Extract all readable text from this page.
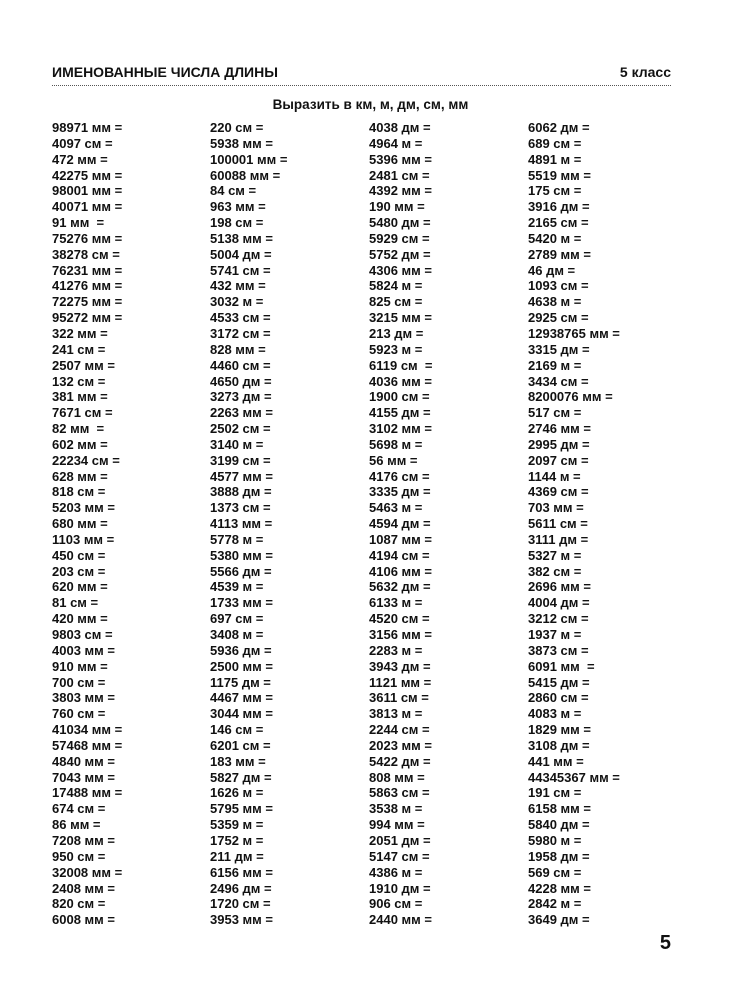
ИМЕНОВАННЫЕ ЧИСЛА ДЛИНЫ	5 класс
Выразить в км, м, дм, см, мм
98971 мм =
4097 см =
472 мм =
42275 мм =
98001 мм =
40071 мм =
91 мм  =
75276 мм =
38278 см =
76231 мм =
41276 мм =
72275 мм =
95272 мм =
322 мм =
241 см =
2507 мм =
132 см =
381 мм =
7671 см =
82 мм  =
602 мм =
22234 см =
628 мм =
818 см =
5203 мм =
680 мм =
1103 мм =
450 см =
203 см =
620 мм =
81 см =
420 мм =
9803 см =
4003 мм =
910 мм =
700 см =
3803 мм =
760 см =
41034 мм =
57468 мм =
4840 мм =
7043 мм =
17488 мм =
674 см =
86 мм =
7208 мм =
950 см =
32008 мм =
2408 мм =
820 см =
6008 мм =
220 см =
5938 мм =
100001 мм =
60088 мм =
84 см =
963 мм =
198 см =
5138 мм =
5004 дм =
5741 см =
432 мм =
3032 м =
4533 см =
3172 см =
828 мм =
4460 см =
4650 дм =
3273 дм =
2263 мм =
2502 см =
3140 м =
3199 см =
4577 мм =
3888 дм =
1373 см =
4113 мм =
5778 м =
5380 мм =
5566 дм =
4539 м =
1733 мм =
697 см =
3408 м =
5936 дм =
2500 мм =
1175 дм =
4467 мм =
3044 мм =
146 см =
6201 см =
183 мм =
5827 дм =
1626 м =
5795 мм =
5359 м =
1752 м =
211 дм =
6156 мм =
2496 дм =
1720 см =
3953 мм =
4038 дм =
4964 м =
5396 мм =
2481 см =
4392 мм =
190 мм =
5480 дм =
5929 см =
5752 дм =
4306 мм =
5824 м =
825 см =
3215 мм =
213 дм =
5923 м =
6119 см  =
4036 мм =
1900 см =
4155 дм =
3102 мм =
5698 м =
56 мм =
4176 см =
3335 дм =
5463 м =
4594 дм =
1087 мм =
4194 см =
4106 мм =
5632 дм =
6133 м =
4520 см =
3156 мм =
2283 м =
3943 дм =
1121 мм =
3611 см =
3813 м =
2244 см =
2023 мм =
5422 дм =
808 мм =
5863 см =
3538 м =
994 мм =
2051 дм =
5147 см =
4386 м =
1910 дм =
906 см =
2440 мм =
6062 дм =
689 см =
4891 м =
5519 мм =
175 см =
3916 дм =
2165 см =
5420 м =
2789 мм =
46 дм =
1093 см =
4638 м =
2925 см =
12938765 мм =
3315 дм =
2169 м =
3434 см =
8200076 мм =
517 см =
2746 мм =
2995 дм =
2097 см =
1144 м =
4369 см =
703 мм =
5611 см =
3111 дм =
5327 м =
382 см =
2696 мм =
4004 дм =
3212 см =
1937 м =
3873 см =
6091 мм  =
5415 дм =
2860 см =
4083 м =
1829 мм =
3108 дм =
441 мм =
44345367 мм =
191 см =
6158 мм =
5840 дм =
5980 м =
1958 дм =
569 см =
4228 мм =
2842 м =
3649 дм =
5
